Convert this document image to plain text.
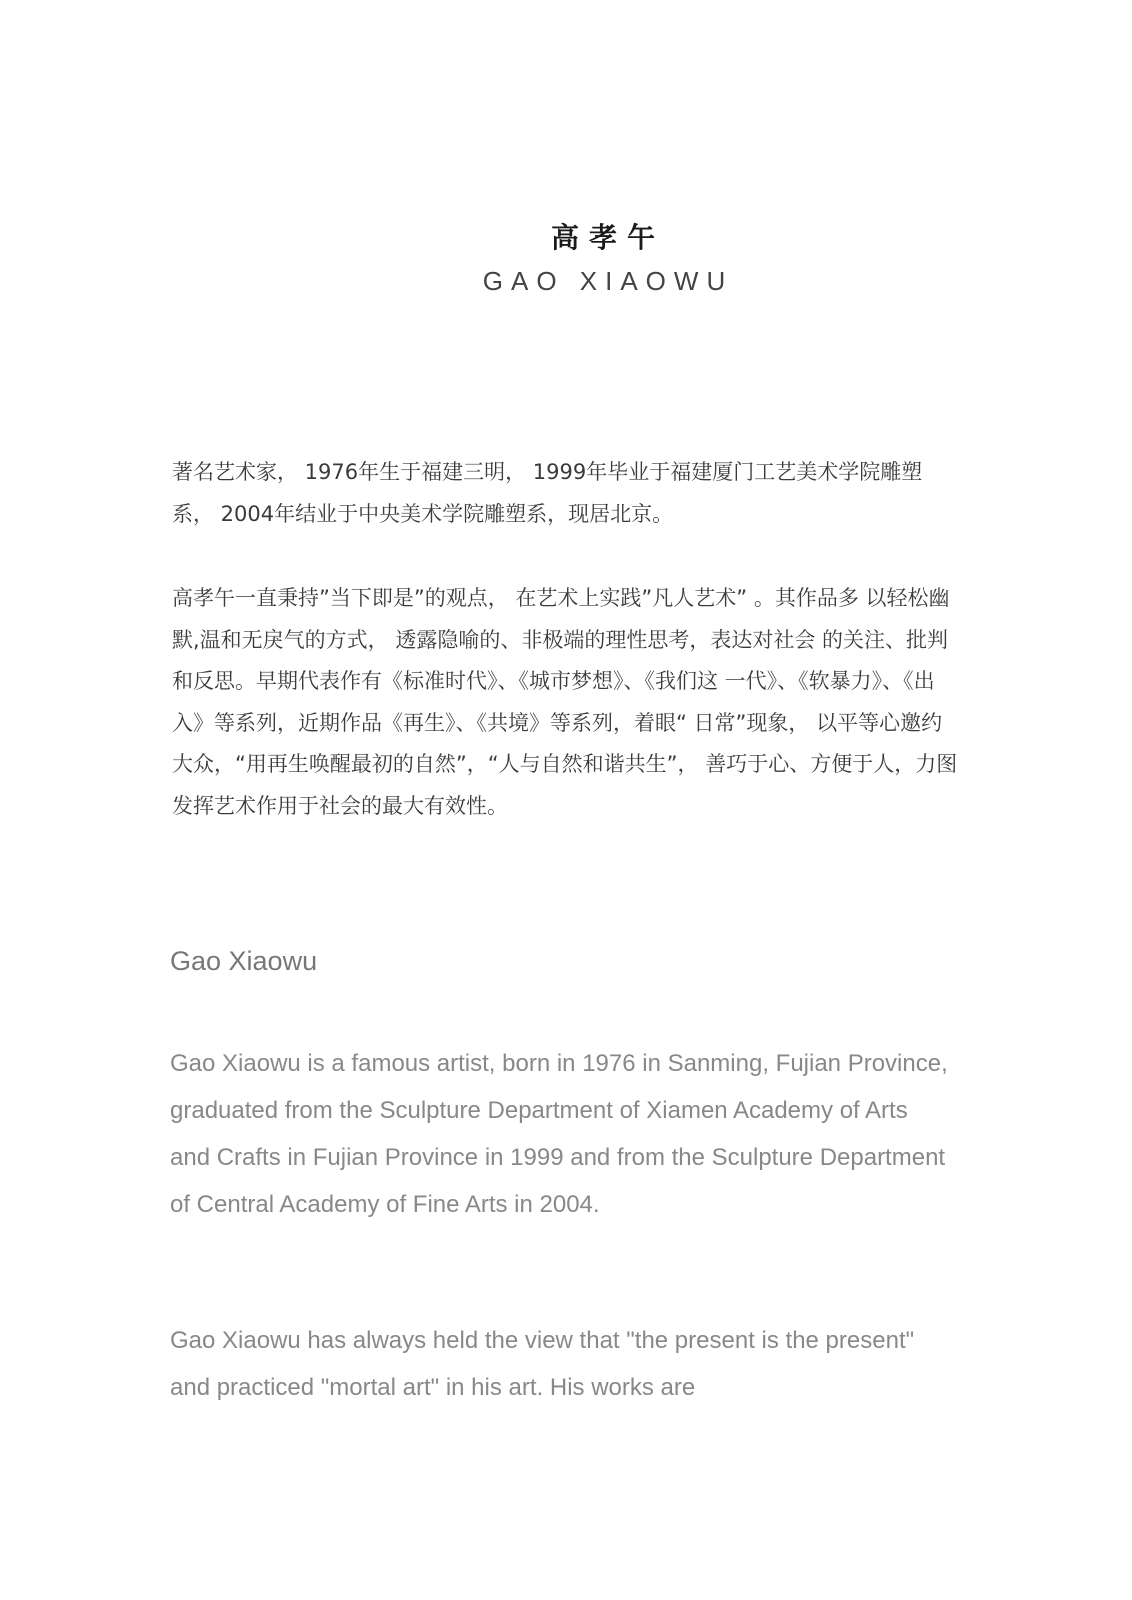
高孝午
GAO XIAOWU

著名艺术家， 1976年生于福建三明， 1999年毕业于福建厦门工艺美术学院雕塑 系， 2004年结业于中央美术学院雕塑系，现居北京。

高孝午一直秉持”当下即是”的观点， 在艺术上实践”凡人艺术” 。其作品多 以轻松幽默,温和无戾气的方式， 透露隐喻的、非极端的理性思考，表达对社会 的关注、批判和反思。早期代表作有《标准时代》、《城市梦想》、《我们这 一代》、《软暴力》、《出入》等系列，近期作品《再生》、《共境》等系列，着眼“ 日常”现象， 以平等心邀约大众，“用再生唤醒最初的自然”，“人与自然和谐共生”， 善巧于心、方便于人，力图发挥艺术作用于社会的最大有效性。

Gao Xiaowu

Gao Xiaowu is a famous artist, born in 1976 in Sanming, Fujian Province, graduated from the Sculpture Department of Xiamen Academy of Arts and Crafts in Fujian Province in 1999 and from the Sculpture Department of Central Academy of Fine Arts in 2004.

Gao Xiaowu has always held the view that "the present is the present" and practiced "mortal art" in his art. His works are
